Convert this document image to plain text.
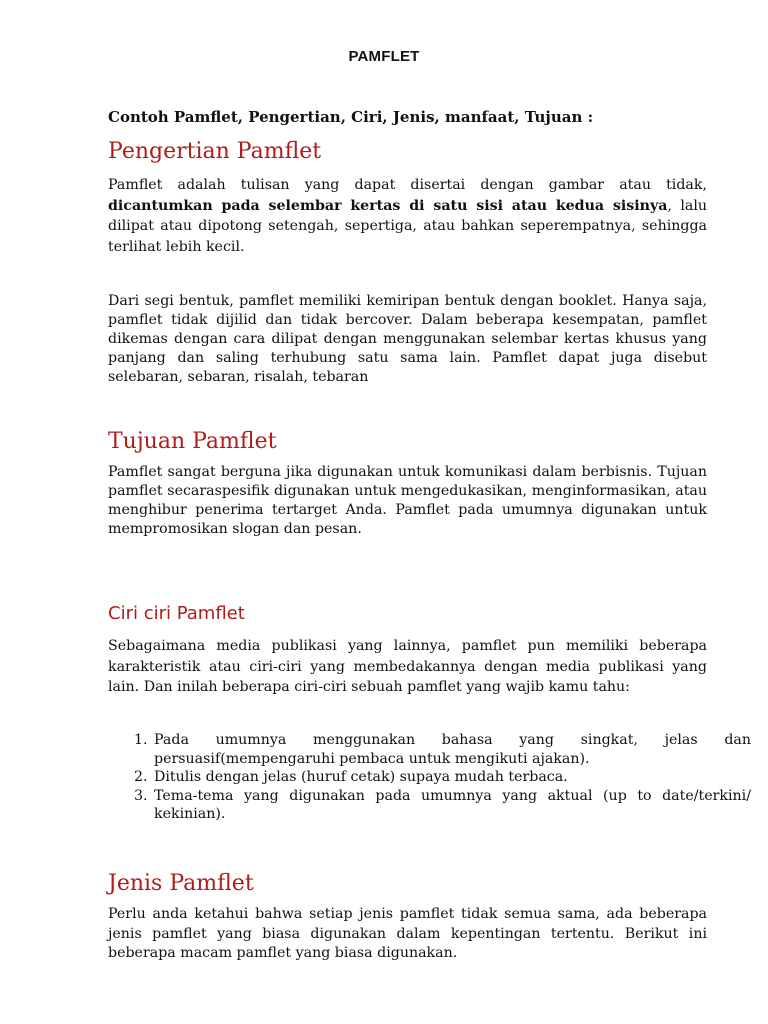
PAMFLET
Contoh Pamflet, Pengertian, Ciri, Jenis, manfaat, Tujuan :
Pengertian Pamflet
Pamflet adalah tulisan yang dapat disertai dengan gambar atau tidak, dicantumkan pada selembar kertas di satu sisi atau kedua sisinya, lalu dilipat atau dipotong setengah, sepertiga, atau bahkan seperempatnya, sehingga terlihat lebih kecil.
Dari segi bentuk, pamflet memiliki kemiripan bentuk dengan booklet. Hanya saja, pamflet tidak dijilid dan tidak bercover. Dalam beberapa kesempatan, pamflet dikemas dengan cara dilipat dengan menggunakan selembar kertas khusus yang panjang dan saling terhubung satu sama lain. Pamflet dapat juga disebut selebaran, sebaran, risalah, tebaran
Tujuan Pamflet
Pamflet sangat berguna jika digunakan untuk komunikasi dalam berbisnis. Tujuan pamflet secaraspesifik digunakan untuk mengedukasikan, menginformasikan, atau menghibur penerima tertarget Anda. Pamflet pada umumnya digunakan untuk mempromosikan slogan dan pesan.
Ciri ciri Pamflet
Sebagaimana media publikasi yang lainnya, pamflet pun memiliki beberapa karakteristik atau ciri-ciri yang membedakannya dengan media publikasi yang lain. Dan inilah beberapa ciri-ciri sebuah pamflet yang wajib kamu tahu:
1. Pada umumnya menggunakan bahasa yang singkat, jelas dan persuasif(mempengaruhi pembaca untuk mengikuti ajakan).
2. Ditulis dengan jelas (huruf cetak) supaya mudah terbaca.
3. Tema-tema yang digunakan pada umumnya yang aktual (up to date/terkini/ kekinian).
Jenis Pamflet
Perlu anda ketahui bahwa setiap jenis pamflet tidak semua sama, ada beberapa jenis pamflet yang biasa digunakan dalam kepentingan tertentu. Berikut ini beberapa macam pamflet yang biasa digunakan.
